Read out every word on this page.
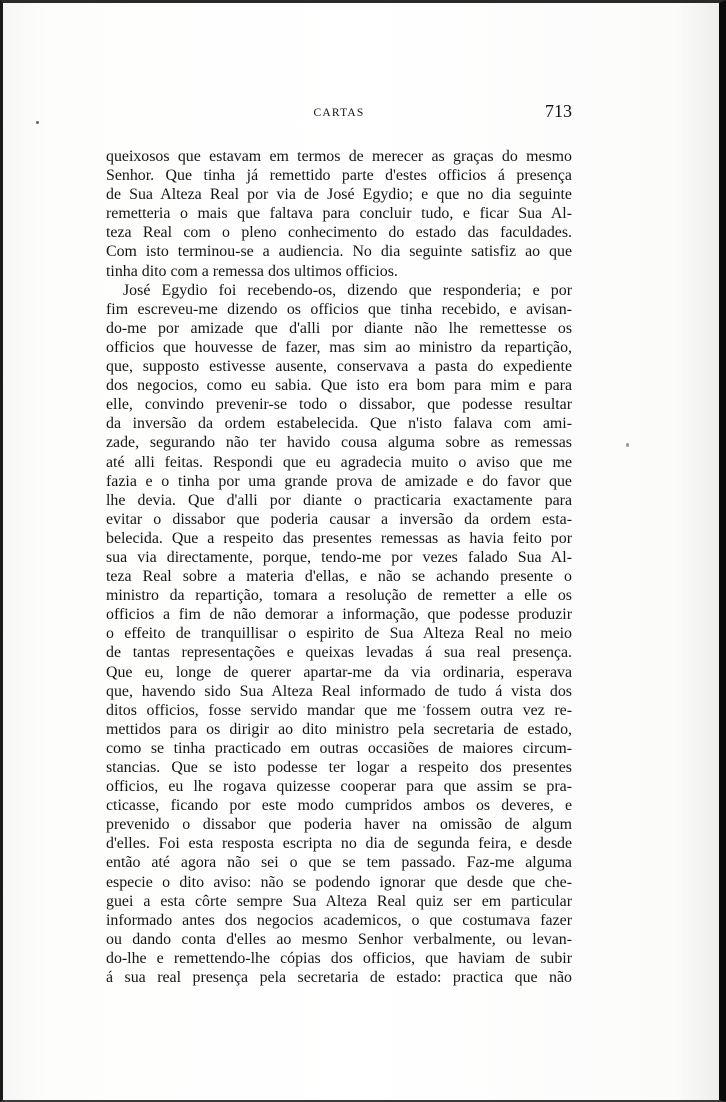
CARTAS	713
queixosos que estavam em termos de merecer as graças do mesmo
Senhor. Que tinha já remettido parte d'estes officios á presença
de Sua Alteza Real por via de José Egydio; e que no dia seguinte
remetteria o mais que faltava para concluir tudo, e ficar Sua Al-
teza Real com o pleno conhecimento do estado das faculdades.
Com isto terminou-se a audiencia. No dia seguinte satisfiz ao que
tinha dito com a remessa dos ultimos officios.
José Egydio foi recebendo-os, dizendo que responderia; e por
fim escreveu-me dizendo os officios que tinha recebido, e avisan-
do-me por amizade que d'alli por diante não lhe remettesse os
officios que houvesse de fazer, mas sim ao ministro da repartição,
que, supposto estivesse ausente, conservava a pasta do expediente
dos negocios, como eu sabia. Que isto era bom para mim e para
elle, convindo prevenir-se todo o dissabor, que podesse resultar
da inversão da ordem estabelecida. Que n'isto falava com ami-
zade, segurando não ter havido cousa alguma sobre as remessas
até alli feitas. Respondi que eu agradecia muito o aviso que me
fazia e o tinha por uma grande prova de amizade e do favor que
lhe devia. Que d'alli por diante o practicaria exactamente para
evitar o dissabor que poderia causar a inversão da ordem esta-
belecida. Que a respeito das presentes remessas as havia feito por
sua via directamente, porque, tendo-me por vezes falado Sua Al-
teza Real sobre a materia d'ellas, e não se achando presente o
ministro da repartição, tomara a resolução de remetter a elle os
officios a fim de não demorar a informação, que podesse produzir
o effeito de tranquillisar o espirito de Sua Alteza Real no meio
de tantas representações e queixas levadas á sua real presença.
Que eu, longe de querer apartar-me da via ordinaria, esperava
que, havendo sido Sua Alteza Real informado de tudo á vista dos
ditos officios, fosse servido mandar que me fossem outra vez re-
mettidos para os dirigir ao dito ministro pela secretaria de estado,
como se tinha practicado em outras occasiões de maiores circum-
stancias. Que se isto podesse ter logar a respeito dos presentes
officios, eu lhe rogava quizesse cooperar para que assim se pra-
cticasse, ficando por este modo cumpridos ambos os deveres, e
prevenido o dissabor que poderia haver na omissão de algum
d'elles. Foi esta resposta escripta no dia de segunda feira, e desde
então até agora não sei o que se tem passado. Faz-me alguma
especie o dito aviso: não se podendo ignorar que desde que che-
guei a esta côrte sempre Sua Alteza Real quiz ser em particular
informado antes dos negocios academicos, o que costumava fazer
ou dando conta d'elles ao mesmo Senhor verbalmente, ou levan-
do-lhe e remettendo-lhe cópias dos officios, que haviam de subir
á sua real presença pela secretaria de estado: practica que não
